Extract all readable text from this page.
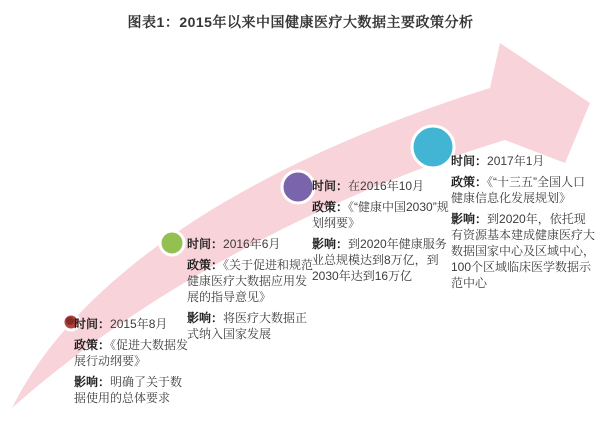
图表1：2015年以来中国健康医疗大数据主要政策分析

时间：2015年8月

政策：《促进大数据发展行动纲要》

影响：明确了关于数据使用的总体要求

时间：2016年6月

政策：《关于促进和规范健康医疗大数据应用发展的指导意见》

影响：将医疗大数据正式纳入国家发展

时间：在2016年10月

政策：《“健康中国2030”规划纲要》

影响：到2020年健康服务业总规模达到8万亿，到2030年达到16万亿

时间：2017年1月

政策：《“十三五”全国人口健康信息化发展规划》

影响：到2020年，依托现有资源基本建成健康医疗大数据国家中心及区域中心，100个区域临床医学数据示范中心
